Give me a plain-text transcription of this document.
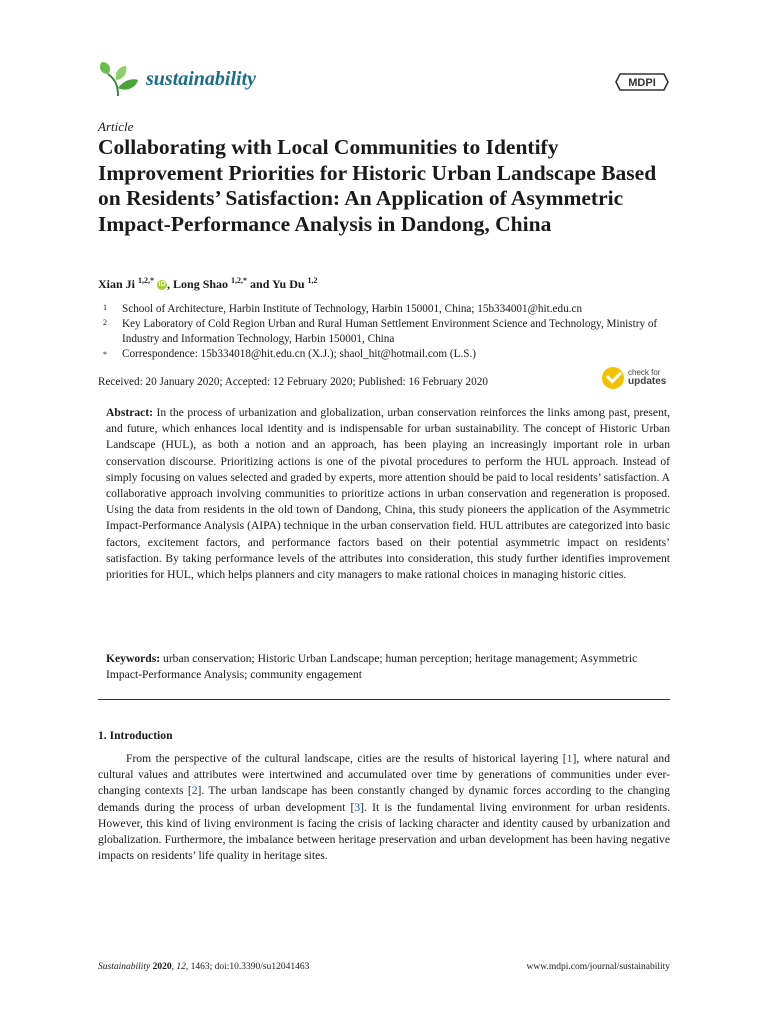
sustainability	MDPI
Article
Collaborating with Local Communities to Identify Improvement Priorities for Historic Urban Landscape Based on Residents’ Satisfaction: An Application of Asymmetric Impact-Performance Analysis in Dandong, China
Xian Ji $^{1,2,*}$ iD , Long Shao $^{1,2,*}$ and Yu Du $^{1,2}$
1	School of Architecture, Harbin Institute of Technology, Harbin 150001, China; 15b334001@hit.edu.cn
2	Key Laboratory of Cold Region Urban and Rural Human Settlement Environment Science and Technology, Ministry of Industry and Information Technology, Harbin 150001, China
*	Correspondence: 15b334018@hit.edu.cn (X.J.); shaol_hit@hotmail.com (L.S.)
Received: 20 January 2020; Accepted: 12 February 2020; Published: 16 February 2020
check for
updates
Abstract: In the process of urbanization and globalization, urban conservation reinforces the links among past, present, and future, which enhances local identity and is indispensable for urban sustainability. The concept of Historic Urban Landscape (HUL), as both a notion and an approach, has been playing an increasingly important role in urban conservation discourse. Prioritizing actions is one of the pivotal procedures to perform the HUL approach. Instead of simply focusing on values selected and graded by experts, more attention should be paid to local residents’ satisfaction. A collaborative approach involving communities to prioritize actions in urban conservation and regeneration is proposed. Using the data from residents in the old town of Dandong, China, this study pioneers the application of the Asymmetric Impact-Performance Analysis (AIPA) technique in the urban conservation field. HUL attributes are categorized into basic factors, excitement factors, and performance factors based on their potential asymmetric impact on residents’ satisfaction. By taking performance levels of the attributes into consideration, this study further identifies improvement priorities for HUL, which helps planners and city managers to make rational choices in managing historic cities.
Keywords: urban conservation; Historic Urban Landscape; human perception; heritage management; Asymmetric Impact-Performance Analysis; community engagement
1. Introduction
From the perspective of the cultural landscape, cities are the results of historical layering [1], where natural and cultural values and attributes were intertwined and accumulated over time by generations of communities under ever-changing contexts [2]. The urban landscape has been constantly changed by dynamic forces according to the changing demands during the process of urban development [3]. It is the fundamental living environment for urban residents. However, this kind of living environment is facing the crisis of lacking character and identity caused by urbanization and globalization. Furthermore, the imbalance between heritage preservation and urban development has been having negative impacts on residents’ life quality in heritage sites.
Sustainability 2020, 12, 1463; doi:10.3390/su12041463	www.mdpi.com/journal/sustainability
